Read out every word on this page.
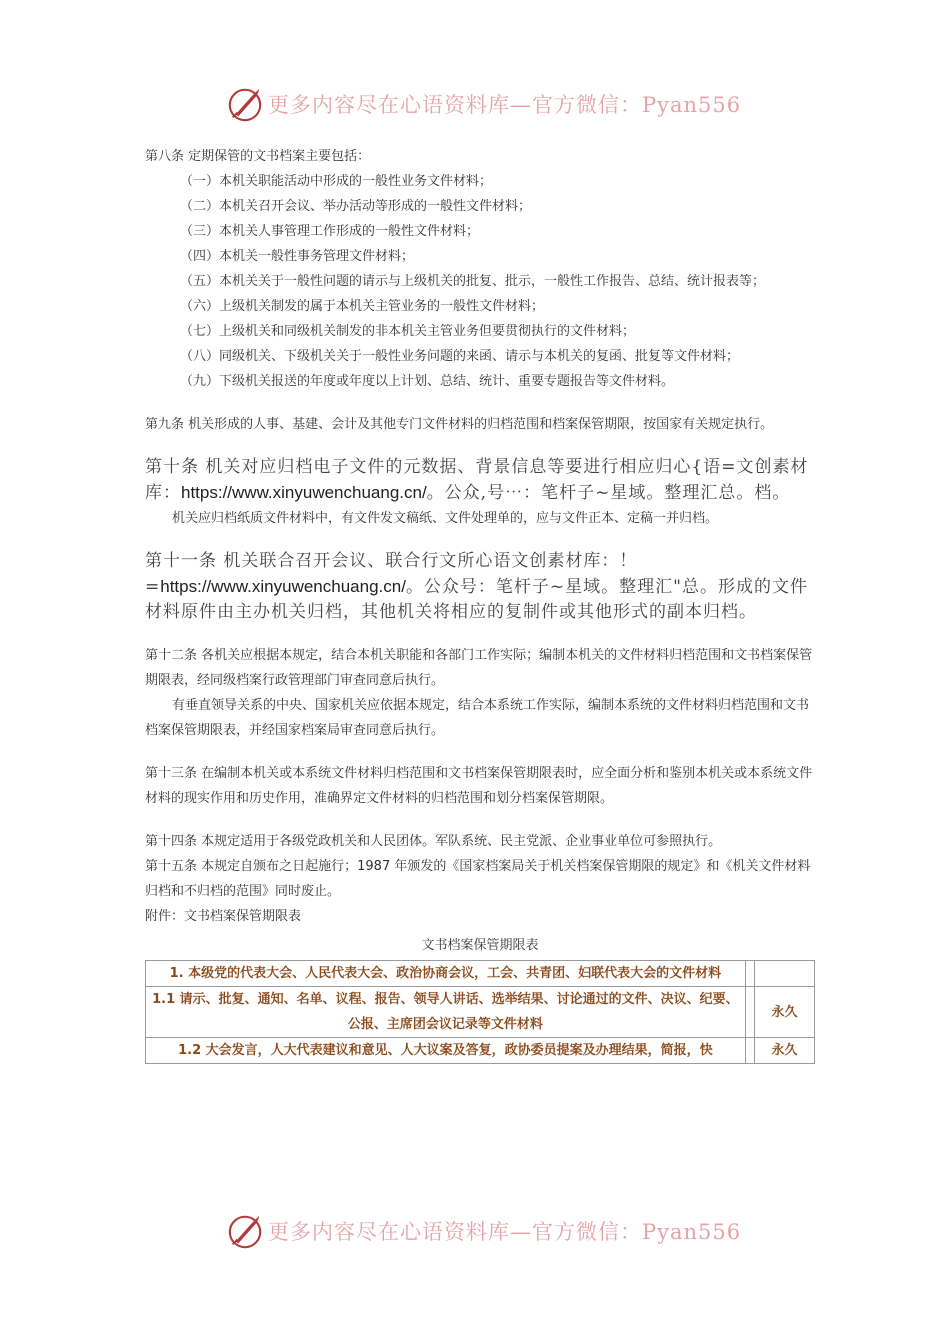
更多内容尽在心语资料库—官方微信：Pyan556

第八条 定期保管的文书档案主要包括：

（一）本机关职能活动中形成的一般性业务文件材料；

（二）本机关召开会议、举办活动等形成的一般性文件材料；

（三）本机关人事管理工作形成的一般性文件材料；

（四）本机关一般性事务管理文件材料；

（五）本机关关于一般性问题的请示与上级机关的批复、批示，一般性工作报告、总结、统计报表等；

（六）上级机关制发的属于本机关主管业务的一般性文件材料；

（七）上级机关和同级机关制发的非本机关主管业务但要贯彻执行的文件材料；

（八）同级机关、下级机关关于一般性业务问题的来函、请示与本机关的复函、批复等文件材料；

（九）下级机关报送的年度或年度以上计划、总结、统计、重要专题报告等文件材料。

第九条 机关形成的人事、基建、会计及其他专门文件材料的归档范围和档案保管期限，按国家有关规定执行。

第十条 机关对应归档电子文件的元数据、背景信息等要进行相应归心{语=文创素材库：https://www.xinyuwenchuang.cn/。公众,号⋯：笔杆子~星域。整理汇总。档。

机关应归档纸质文件材料中，有文件发文稿纸、文件处理单的，应与文件正本、定稿一并归档。

第十一条 机关联合召开会议、联合行文所心语文创素材库：！=https://www.xinyuwenchuang.cn/。公众号：笔杆子~星域。整理汇"总。形成的文件材料原件由主办机关归档，其他机关将相应的复制件或其他形式的副本归档。

第十二条 各机关应根据本规定，结合本机关职能和各部门工作实际；编制本机关的文件材料归档范围和文书档案保管期限表，经同级档案行政管理部门审查同意后执行。

有垂直领导关系的中央、国家机关应依据本规定，结合本系统工作实际，编制本系统的文件材料归档范围和文书档案保管期限表，并经国家档案局审查同意后执行。

第十三条 在编制本机关或本系统文件材料归档范围和文书档案保管期限表时，应全面分析和鉴别本机关或本系统文件材料的现实作用和历史作用，准确界定文件材料的归档范围和划分档案保管期限。

第十四条 本规定适用于各级党政机关和人民团体。军队系统、民主党派、企业事业单位可参照执行。

第十五条 本规定自颁布之日起施行；1987 年颁发的《国家档案局关于机关档案保管期限的规定》和《机关文件材料归档和不归档的范围》同时废止。

附件：文书档案保管期限表

文书档案保管期限表

1. 本级党的代表大会、人民代表大会、政治协商会议，工会、共青团、妇联代表大会的文件材料		
1.1 请示、批复、通知、名单、议程、报告、领导人讲话、选举结果、讨论通过的文件、决议、纪要、公报、主席团会议记录等文件材料		永久
1.2 大会发言，人大代表建议和意见、人大议案及答复，政协委员提案及办理结果，简报，快		永久
更多内容尽在心语资料库—官方微信：Pyan556
